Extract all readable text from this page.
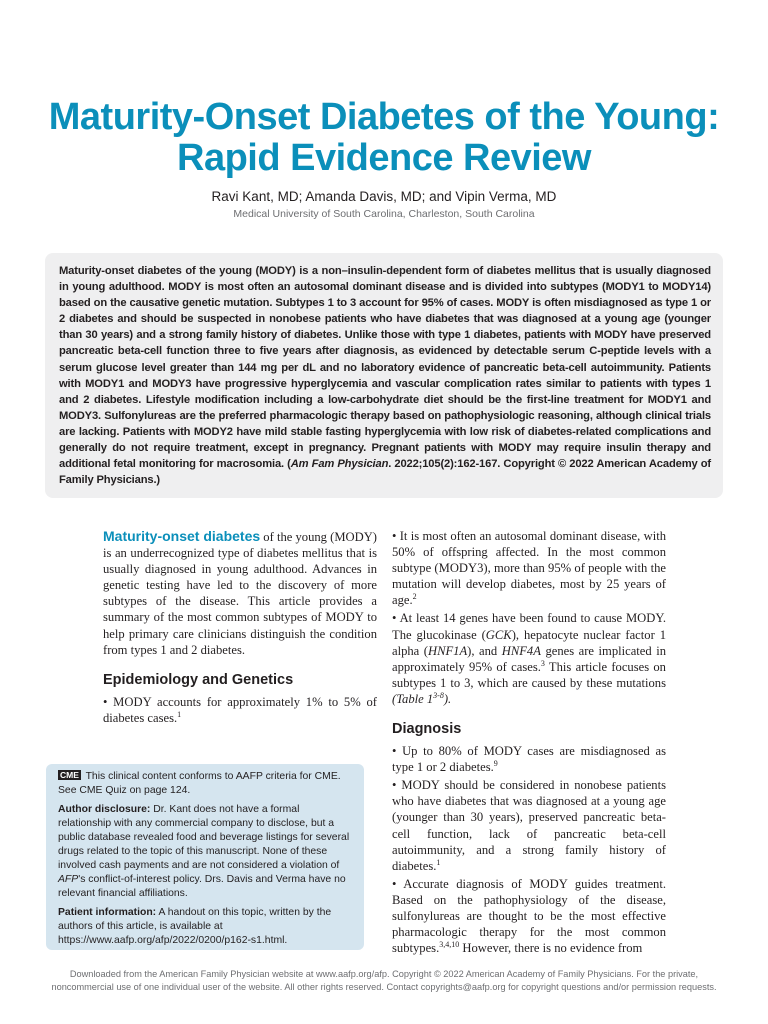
Maturity-Onset Diabetes of the Young:
Rapid Evidence Review
Ravi Kant, MD; Amanda Davis, MD; and Vipin Verma, MD
Medical University of South Carolina, Charleston, South Carolina
Maturity-onset diabetes of the young (MODY) is a non–insulin-dependent form of diabetes mellitus that is usually diagnosed in young adulthood. MODY is most often an autosomal dominant disease and is divided into subtypes (MODY1 to MODY14) based on the causative genetic mutation. Subtypes 1 to 3 account for 95% of cases. MODY is often misdiagnosed as type 1 or 2 diabetes and should be suspected in nonobese patients who have diabetes that was diagnosed at a young age (younger than 30 years) and a strong family history of diabetes. Unlike those with type 1 diabetes, patients with MODY have preserved pancreatic beta-cell function three to five years after diagnosis, as evidenced by detectable serum C-peptide levels with a serum glucose level greater than 144 mg per dL and no laboratory evidence of pancreatic beta-cell autoimmunity. Patients with MODY1 and MODY3 have progressive hyperglycemia and vascular complication rates similar to patients with types 1 and 2 diabetes. Lifestyle modification including a low-carbohydrate diet should be the first-line treatment for MODY1 and MODY3. Sulfonylureas are the preferred pharmacologic therapy based on pathophysiologic reasoning, although clinical trials are lacking. Patients with MODY2 have mild stable fasting hyperglycemia with low risk of diabetes-related complications and generally do not require treatment, except in pregnancy. Pregnant patients with MODY may require insulin therapy and additional fetal monitoring for macrosomia. (Am Fam Physician. 2022;105(2):162-167. Copyright © 2022 American Academy of Family Physicians.)

Maturity-onset diabetes of the young (MODY) is an underrecognized type of diabetes mellitus that is usually diagnosed in young adulthood. Advances in genetic testing have led to the discovery of more subtypes of the disease. This article provides a summary of the most common subtypes of MODY to help primary care clinicians distinguish the condition from types 1 and 2 diabetes.

Epidemiology and Genetics

• MODY accounts for approximately 1% to 5% of diabetes cases.$^1$

• It is most often an autosomal dominant disease, with 50% of offspring affected. In the most common subtype (MODY3), more than 95% of people with the mutation will develop diabetes, most by 25 years of age.$^2$

• At least 14 genes have been found to cause MODY. The glucokinase (GCK), hepatocyte nuclear factor 1 alpha (HNF1A), and HNF4A genes are implicated in approximately 95% of cases.$^3$ This article focuses on subtypes 1 to 3, which are caused by these mutations (Table 1$^{3-8}$).

Diagnosis

• Up to 80% of MODY cases are misdiagnosed as type 1 or 2 diabetes.$^9$

• MODY should be considered in nonobese patients who have diabetes that was diagnosed at a young age (younger than 30 years), preserved pancreatic beta-cell function, lack of pancreatic beta-cell autoimmunity, and a strong family history of diabetes.$^1$

• Accurate diagnosis of MODY guides treatment. Based on the pathophysiology of the disease, sulfonylureas are thought to be the most effective pharmacologic therapy for the most common subtypes.$^{3,4,10}$ However, there is no evidence from

CME This clinical content conforms to AAFP criteria for CME. See CME Quiz on page 124.

Author disclosure: Dr. Kant does not have a formal relationship with any commercial company to disclose, but a public database revealed food and beverage listings for several drugs related to the topic of this manuscript. None of these involved cash payments and are not considered a violation of AFP's conflict-of-interest policy. Drs. Davis and Verma have no relevant financial affiliations.

Patient information: A handout on this topic, written by the authors of this article, is available at https://www.aafp.org/afp/2022/0200/p162-s1.html.

Downloaded from the American Family Physician website at www.aafp.org/afp. Copyright © 2022 American Academy of Family Physicians. For the private, noncommercial use of one individual user of the website. All other rights reserved. Contact copyrights@aafp.org for copyright questions and/or permission requests.
